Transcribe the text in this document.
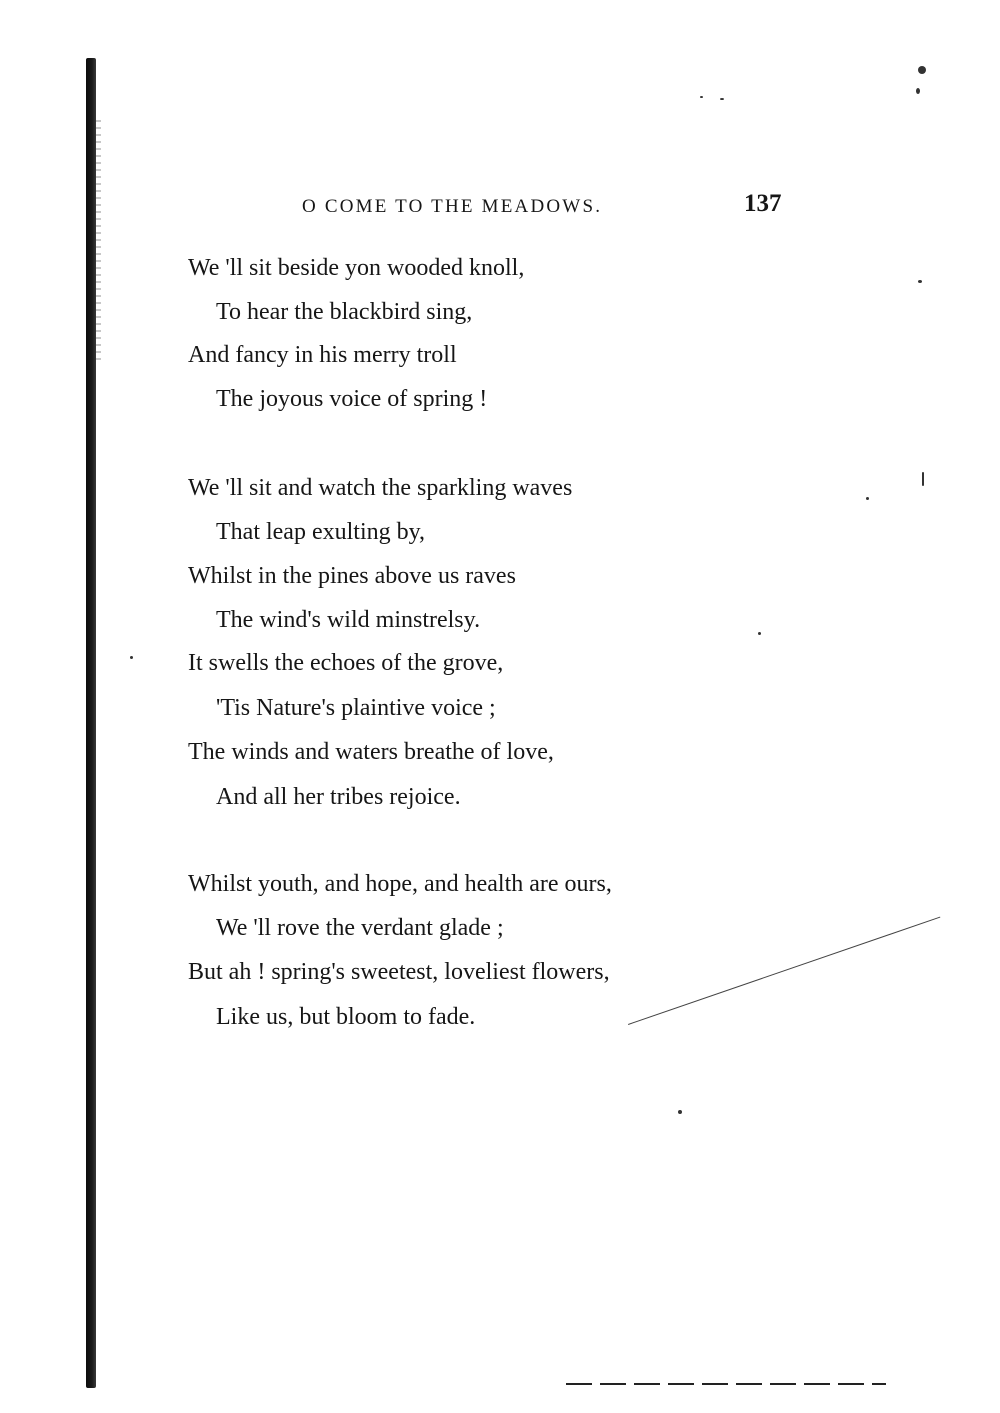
O COME TO THE MEADOWS.	137
We 'll sit beside yon wooded knoll,
To hear the blackbird sing,
And fancy in his merry troll
The joyous voice of spring !
We 'll sit and watch the sparkling waves
That leap exulting by,
Whilst in the pines above us raves
The wind's wild minstrelsy.
It swells the echoes of the grove,
'Tis Nature's plaintive voice ;
The winds and waters breathe of love,
And all her tribes rejoice.
Whilst youth, and hope, and health are ours,
We 'll rove the verdant glade ;
But ah ! spring's sweetest, loveliest flowers,
Like us, but bloom to fade.
